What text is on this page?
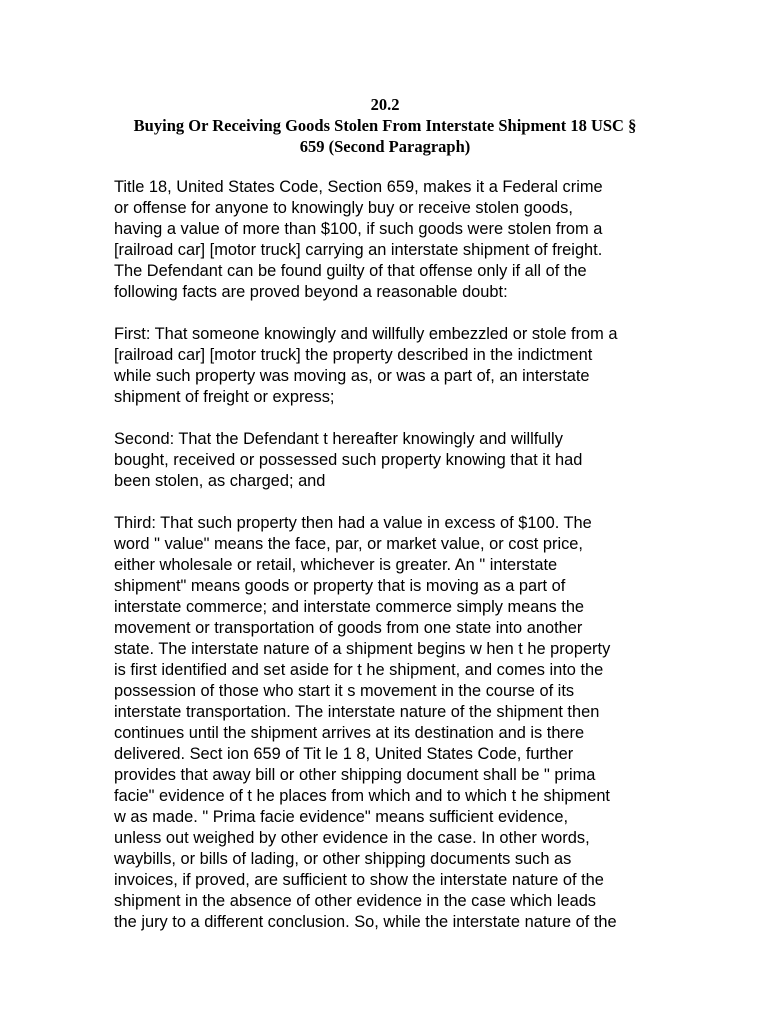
20.2
Buying Or Receiving Goods Stolen From Interstate Shipment 18 USC §
659 (Second Paragraph)

Title 18, United States Code, Section 659, makes it a Federal crime
or offense for anyone to knowingly buy or receive stolen goods,
having a value of more than $100, if such goods were stolen from a
[railroad car] [motor truck] carrying an interstate shipment of freight.
The Defendant can be found guilty of that offense only if all of the
following facts are proved beyond a reasonable doubt:

First: That someone knowingly and willfully embezzled or stole from a
[railroad car] [motor truck] the property described in the indictment
while such property was moving as, or was a part of, an interstate
shipment of freight or express;

Second: That the Defendant t hereafter knowingly and willfully
bought, received or possessed such property knowing that it had
been stolen, as charged; and

Third: That such property then had a value in excess of $100. The
word " value" means the face, par, or market value, or cost price,
either wholesale or retail, whichever is greater. An " interstate
shipment" means goods or property that is moving as a part of
interstate commerce; and interstate commerce simply means the
movement or transportation of goods from one state into another
state. The interstate nature of a shipment begins w hen t he property
is first identified and set aside for t he shipment, and comes into the
possession of those who start it s movement in the course of its
interstate transportation. The interstate nature of the shipment then
continues until the shipment arrives at its destination and is there
delivered. Sect ion 659 of Tit le 1 8, United States Code, further
provides that away bill or other shipping document shall be " prima
facie" evidence of t he places from which and to which t he shipment
w as made. " Prima facie evidence" means sufficient evidence,
unless out weighed by other evidence in the case. In other words,
waybills, or bills of lading, or other shipping documents such as
invoices, if proved, are sufficient to show the interstate nature of the
shipment in the absence of other evidence in the case which leads
the jury to a different conclusion. So, while the interstate nature of the
